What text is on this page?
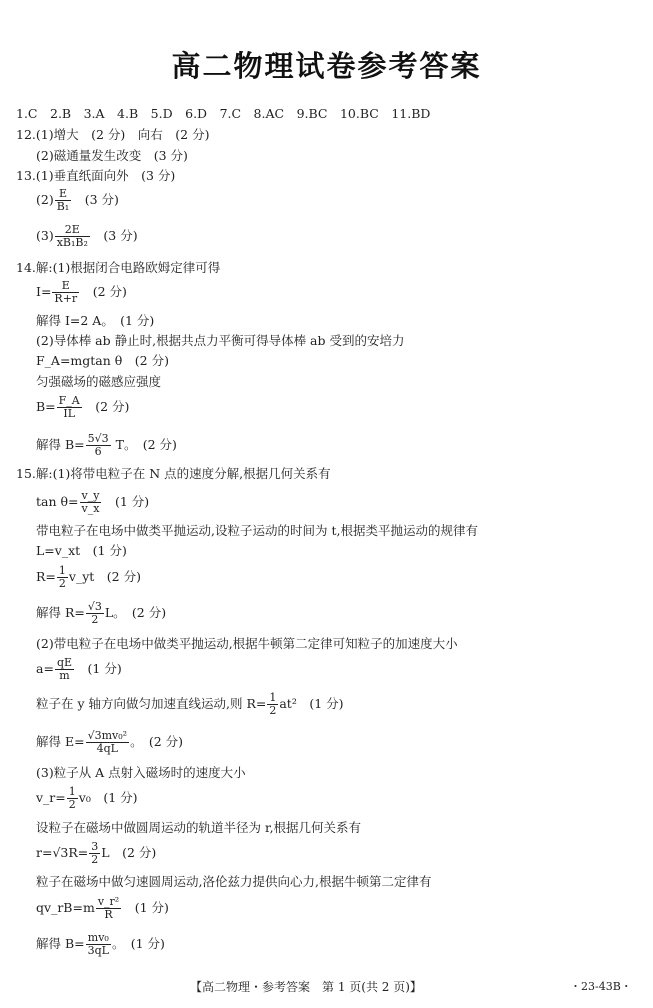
高二物理试卷参考答案
1.C　2.B　3.A　4.B　5.D　6.D　7.C　8.AC　9.BC　10.BC　11.BD
12.(1)增大　(2 分)　向右　(2 分)
(2)磁通量发生改变　(3 分)
13.(1)垂直纸面向外　(3 分)
$(2) \frac{E}{\text{B₁}}$ 　(3 分)
$(3) \frac{2E}{\text{xB₁B₂}}$ 　(3 分)
14.解:(1)根据闭合电路欧姆定律可得
$I= \frac{E}{R+r}$ 　(2 分)
解得 I=2 A。　(1 分)
(2)导体棒 ab 静止时,根据共点力平衡可得导体棒 ab 受到的安培力
F_A=mgtan θ　(2 分)
匀强磁场的磁感应强度
$B= \frac{F\_A}{IL}$ 　(2 分)
解得 $B= \frac{5√3}{6}$ T。　(2 分)
15.解:(1)将带电粒子在 N 点的速度分解,根据几何关系有
$\tan \theta= \frac{v\_y}{v\_x}$ 　(1 分)
带电粒子在电场中做类平抛运动,设粒子运动的时间为 t,根据类平抛运动的规律有
L=v_xt　(1 分)
$R= \frac{1}{2}$ v_yt　(2 分)
解得 $R= \frac{√3}{2}$ L。　(2 分)
(2)带电粒子在电场中做类平抛运动,根据牛顿第二定律可知粒子的加速度大小
$a= \frac{qE}{m}$ 　(1 分)
粒子在 y 轴方向做匀加速直线运动,则 $R= \frac{1}{2} at^2$　(1 分)
解得 $E= \frac{\text{√3mv₀²}}{4qL}$ 。　(2 分)
(3)粒子从 A 点射入磁场时的速度大小
v_r= $\frac{1}{2} v_0$　(1 分)
设粒子在磁场中做圆周运动的轨道半径为 r,根据几何关系有
$r=√3R= \frac{3}{2}$ L　(2 分)
粒子在磁场中做匀速圆周运动,洛伦兹力提供向心力,根据牛顿第二定律有
qv_rB=m $\frac{\text{v\_r²}}{R}$ 　(1 分)
解得 $B= \frac{\text{mv₀}}{3qL}$ 。　(1 分)
【高二物理・参考答案　第 1 页(共 2 页)】	・23-43B・
